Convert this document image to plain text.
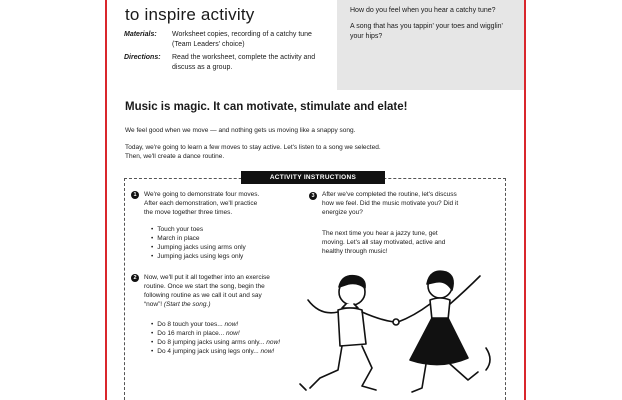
to inspire activity
Materials: Worksheet copies, recording of a catchy tune (Team Leaders' choice)
Directions: Read the worksheet, complete the activity and discuss as a group.
How do you feel when you hear a catchy tune?
A song that has you tappin' your toes and wigglin' your hips?
Music is magic. It can motivate, stimulate and elate!
We feel good when we move — and nothing gets us moving like a snappy song.
Today, we're going to learn a few moves to stay active. Let's listen to a song we selected.
Then, we'll create a dance routine.
ACTIVITY INSTRUCTIONS
1	We're going to demonstrate four moves.
After each demonstration, we'll practice
the move together three times.
• Touch your toes
• March in place
• Jumping jacks using arms only
• Jumping jacks using legs only
2	Now, we'll put it all together into an exercise
routine. Once we start the song, begin the
following routine as we call it out and say
“now”! (Start the song.)
• Do 8 touch your toes... now!
• Do 16 march in place... now!
• Do 8 jumping jacks using arms only... now!
• Do 4 jumping jack using legs only... now!
3	After we've completed the routine, let's discuss
how we feel. Did the music motivate you? Did it
energize you?
The next time you hear a jazzy tune, get
moving. Let's all stay motivated, active and
healthy through music!
